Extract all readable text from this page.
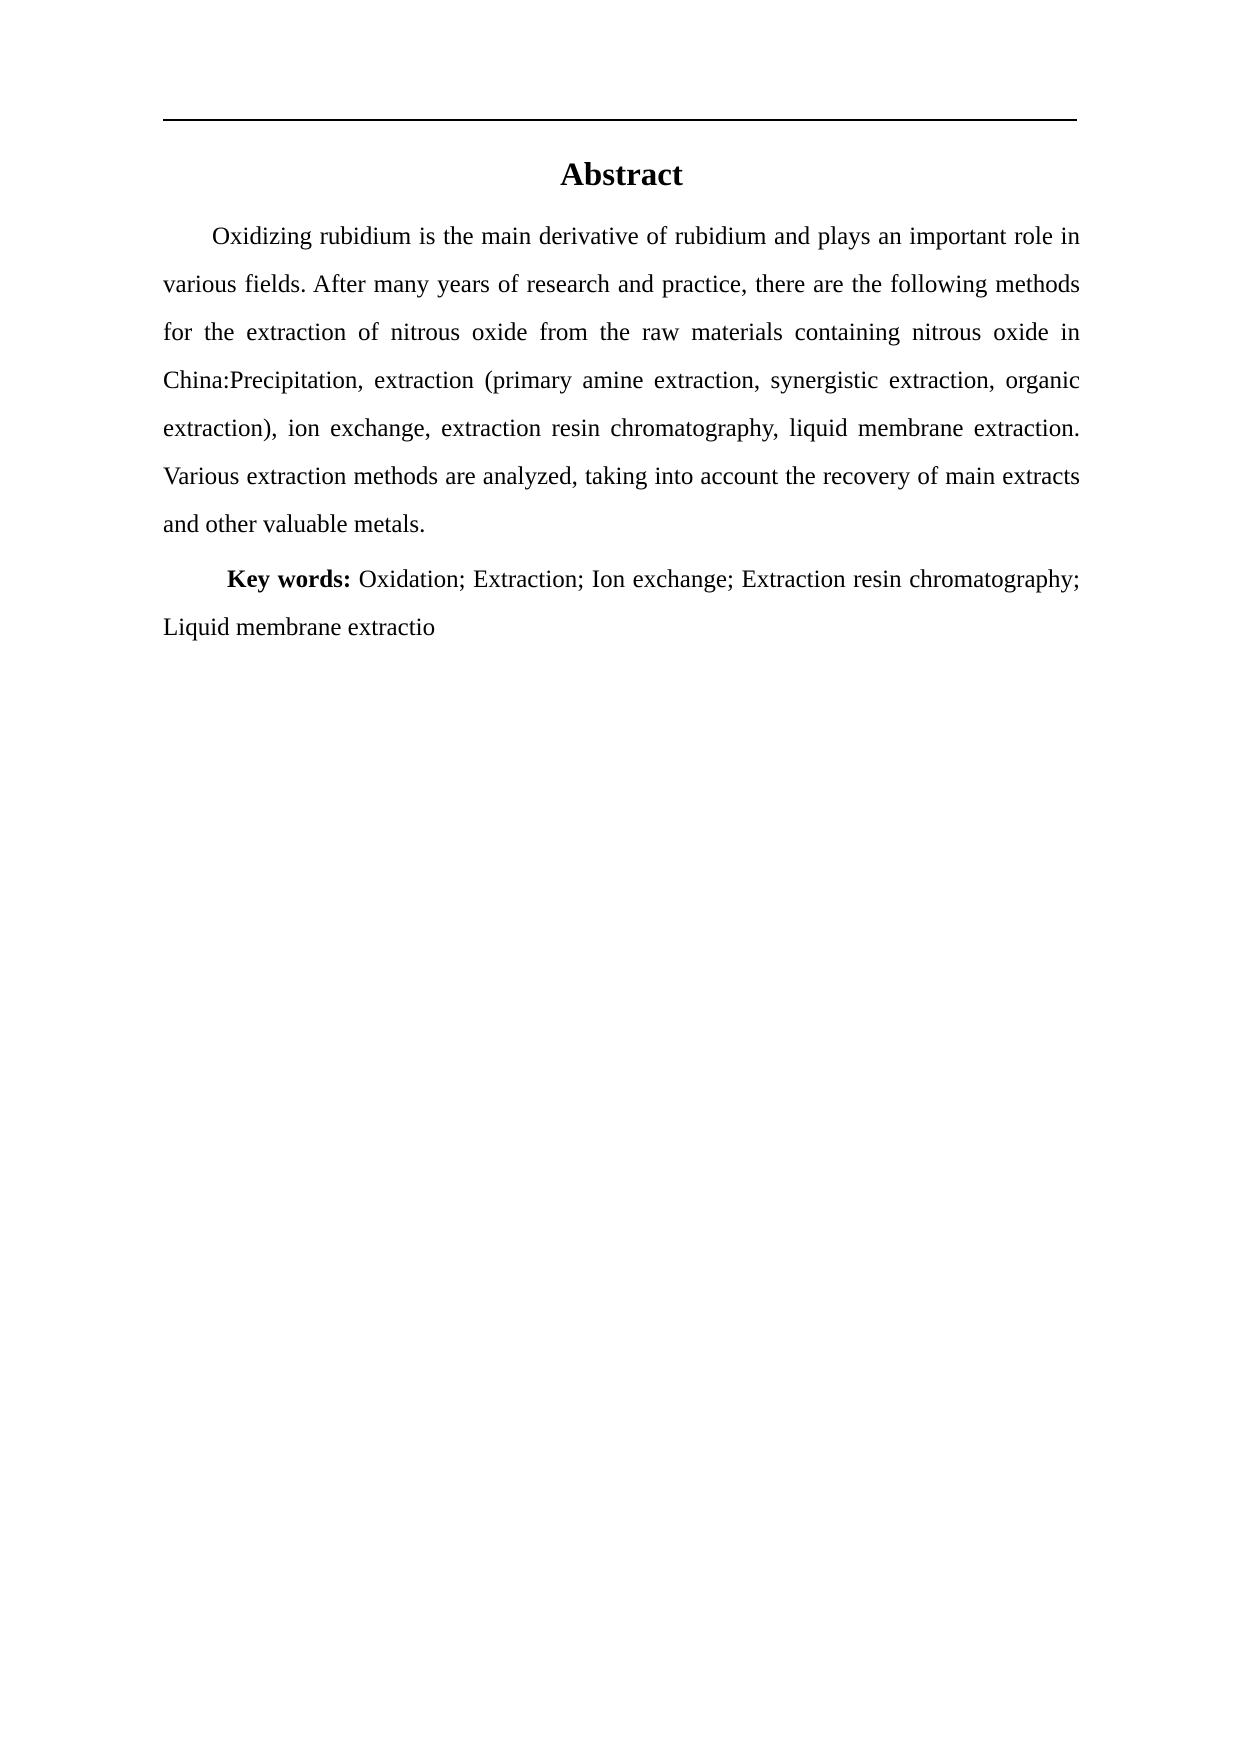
Abstract
Oxidizing rubidium is the main derivative of rubidium and plays an important role in
various fields. After many years of research and practice, there are the following methods
for the extraction of nitrous oxide from the raw materials containing nitrous oxide in
China:Precipitation, extraction (primary amine extraction, synergistic extraction, organic
extraction), ion exchange, extraction resin chromatography, liquid membrane extraction.
Various extraction methods are analyzed, taking into account the recovery of main extracts
and other valuable metals.
Key words: Oxidation; Extraction; Ion exchange; Extraction resin chromatography;
Liquid membrane extractio
